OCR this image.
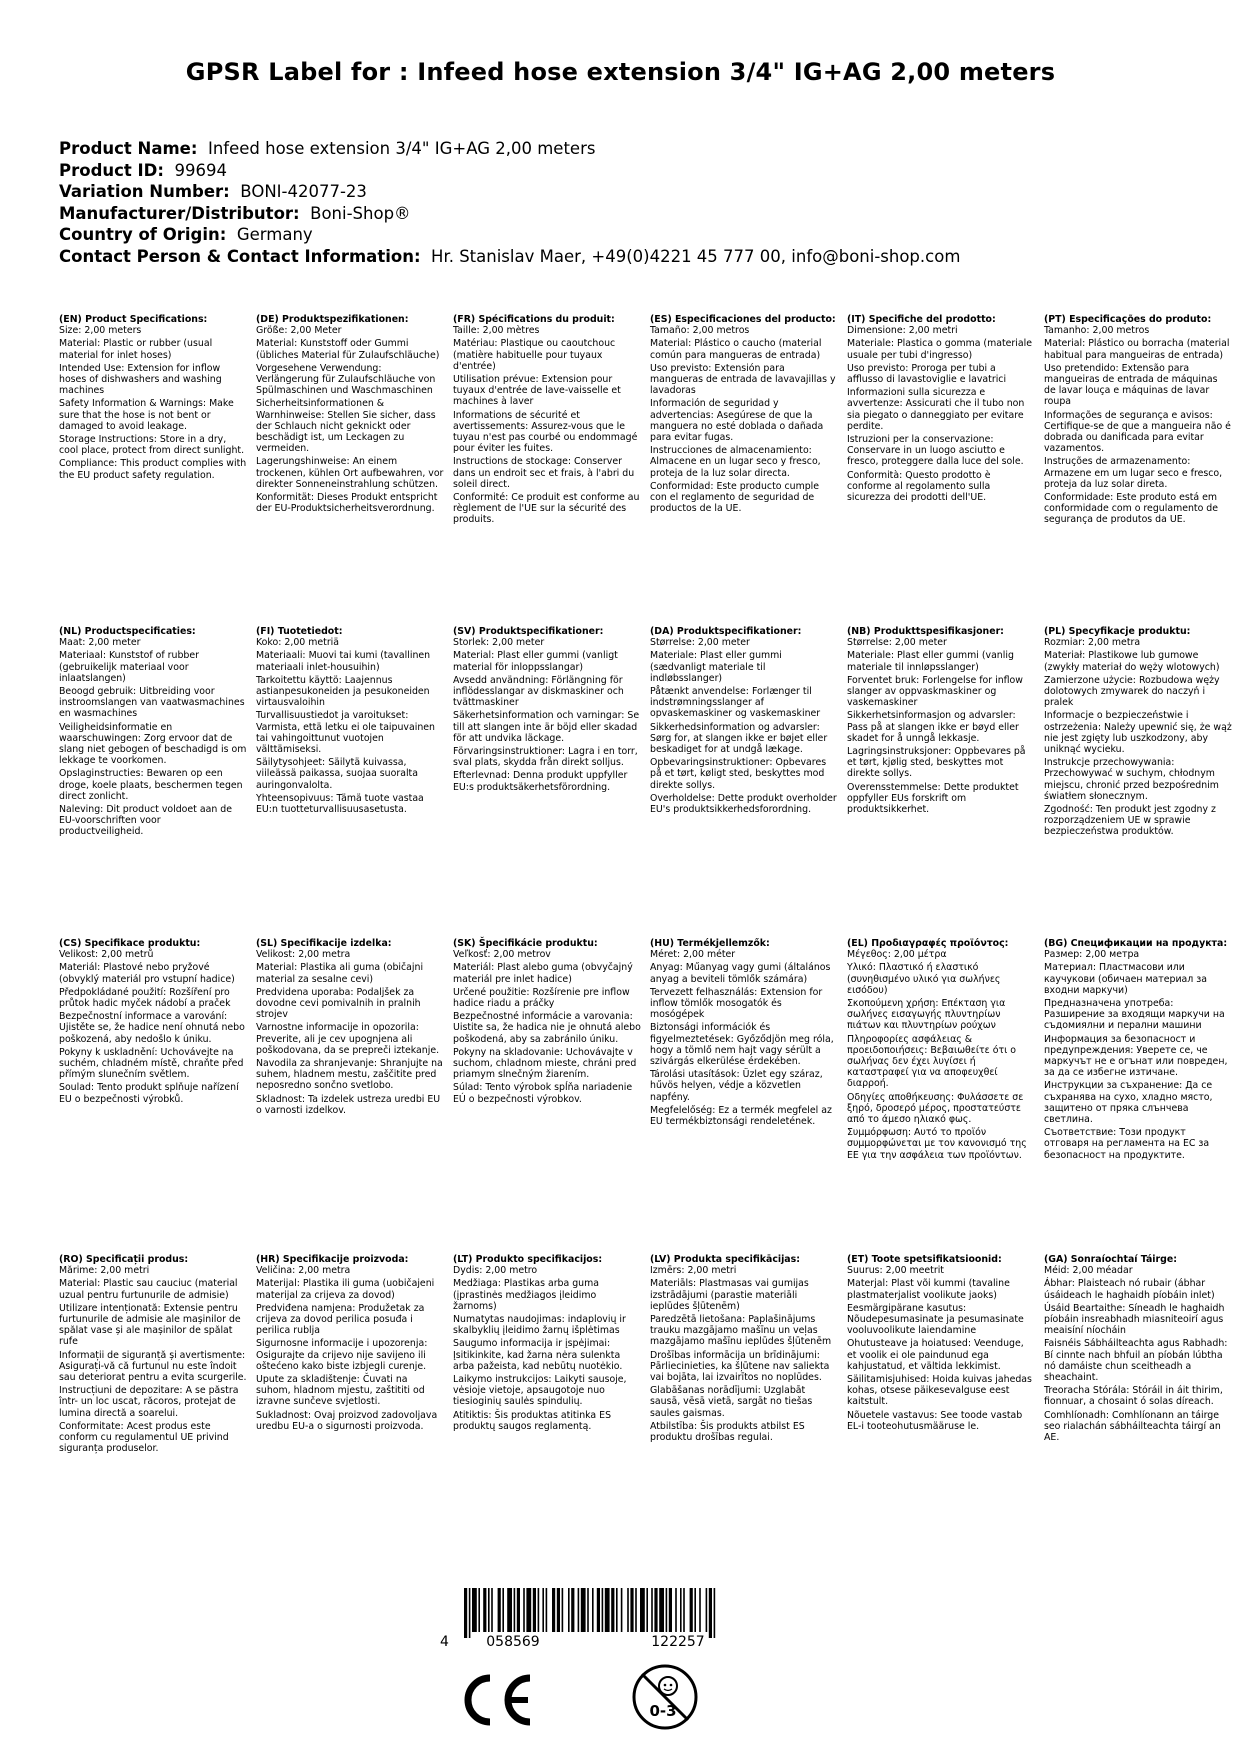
GPSR Label for : Infeed hose extension 3/4" IG+AG 2,00 meters
Product Name: Infeed hose extension 3/4" IG+AG 2,00 meters
Product ID: 99694
Variation Number: BONI-42077-23
Manufacturer/Distributor: Boni-Shop®
Country of Origin: Germany
Contact Person & Contact Information: Hr. Stanislav Maer, +49(0)4221 45 777 00, info@boni-shop.com
(EN) Product Specifications:

Size: 2,00 meters

Material: Plastic or rubber (usual material for inlet hoses)

Intended Use: Extension for inflow hoses of dishwashers and washing machines

Safety Information & Warnings: Make sure that the hose is not bent or damaged to avoid leakage.

Storage Instructions: Store in a dry, cool place, protect from direct sunlight.

Compliance: This product complies with the EU product safety regulation.

(DE) Produktspezifikationen:

Größe: 2,00 Meter

Material: Kunststoff oder Gummi (übliches Material für Zulaufschläuche)

Vorgesehene Verwendung: Verlängerung für Zulaufschläuche von Spülmaschinen und Waschmaschinen

Sicherheitsinformationen & Warnhinweise: Stellen Sie sicher, dass der Schlauch nicht geknickt oder beschädigt ist, um Leckagen zu vermeiden.

Lagerungshinweise: An einem trockenen, kühlen Ort aufbewahren, vor direkter Sonneneinstrahlung schützen.

Konformität: Dieses Produkt entspricht der EU-Produktsicherheitsverordnung.

(FR) Spécifications du produit:

Taille: 2,00 mètres

Matériau: Plastique ou caoutchouc (matière habituelle pour tuyaux d'entrée)

Utilisation prévue: Extension pour tuyaux d'entrée de lave-vaisselle et machines à laver

Informations de sécurité et avertissements: Assurez-vous que le tuyau n'est pas courbé ou endommagé pour éviter les fuites.

Instructions de stockage: Conserver dans un endroit sec et frais, à l'abri du soleil direct.

Conformité: Ce produit est conforme au règlement de l'UE sur la sécurité des produits.

(ES) Especificaciones del producto:

Tamaño: 2,00 metros

Material: Plástico o caucho (material común para mangueras de entrada)

Uso previsto: Extensión para mangueras de entrada de lavavajillas y lavadoras

Información de seguridad y advertencias: Asegúrese de que la manguera no esté doblada o dañada para evitar fugas.

Instrucciones de almacenamiento: Almacene en un lugar seco y fresco, proteja de la luz solar directa.

Conformidad: Este producto cumple con el reglamento de seguridad de productos de la UE.

(IT) Specifiche del prodotto:

Dimensione: 2,00 metri

Materiale: Plastica o gomma (materiale usuale per tubi d'ingresso)

Uso previsto: Proroga per tubi a afflusso di lavastoviglie e lavatrici

Informazioni sulla sicurezza e avvertenze: Assicurati che il tubo non sia piegato o danneggiato per evitare perdite.

Istruzioni per la conservazione: Conservare in un luogo asciutto e fresco, proteggere dalla luce del sole.

Conformità: Questo prodotto è conforme al regolamento sulla sicurezza dei prodotti dell'UE.

(PT) Especificações do produto:

Tamanho: 2,00 metros

Material: Plástico ou borracha (material habitual para mangueiras de entrada)

Uso pretendido: Extensão para mangueiras de entrada de máquinas de lavar louça e máquinas de lavar roupa

Informações de segurança e avisos: Certifique-se de que a mangueira não é dobrada ou danificada para evitar vazamentos.

Instruções de armazenamento: Armazene em um lugar seco e fresco, proteja da luz solar direta.

Conformidade: Este produto está em conformidade com o regulamento de segurança de produtos da UE.

(NL) Productspecificaties:

Maat: 2,00 meter

Materiaal: Kunststof of rubber (gebruikelijk materiaal voor inlaatslangen)

Beoogd gebruik: Uitbreiding voor instroomslangen van vaatwasmachines en wasmachines

Veiligheidsinformatie en waarschuwingen: Zorg ervoor dat de slang niet gebogen of beschadigd is om lekkage te voorkomen.

Opslaginstructies: Bewaren op een droge, koele plaats, beschermen tegen direct zonlicht.

Naleving: Dit product voldoet aan de EU-voorschriften voor productveiligheid.

(FI) Tuotetiedot:

Koko: 2,00 metriä

Materiaali: Muovi tai kumi (tavallinen materiaali inlet-housuihin)

Tarkoitettu käyttö: Laajennus astianpesukoneiden ja pesukoneiden virtausvaloihin

Turvallisuustiedot ja varoitukset: Varmista, että letku ei ole taipuvainen tai vahingoittunut vuotojen välttämiseksi.

Säilytysohjeet: Säilytä kuivassa, viileässä paikassa, suojaa suoralta auringonvalolta.

Yhteensopivuus: Tämä tuote vastaa EU:n tuotteturvallisuusasetusta.

(SV) Produktspecifikationer:

Storlek: 2,00 meter

Material: Plast eller gummi (vanligt material för inloppsslangar)

Avsedd användning: Förlängning för inflödesslangar av diskmaskiner och tvättmaskiner

Säkerhetsinformation och varningar: Se till att slangen inte är böjd eller skadad för att undvika läckage.

Förvaringsinstruktioner: Lagra i en torr, sval plats, skydda från direkt solljus.

Efterlevnad: Denna produkt uppfyller EU:s produktsäkerhetsförordning.

(DA) Produktspecifikationer:

Størrelse: 2,00 meter

Materiale: Plast eller gummi (sædvanligt materiale til indløbsslanger)

Påtænkt anvendelse: Forlænger til indstrømningsslanger af opvaskemaskiner og vaskemaskiner

Sikkerhedsinformation og advarsler: Sørg for, at slangen ikke er bøjet eller beskadiget for at undgå lækage.

Opbevaringsinstruktioner: Opbevares på et tørt, køligt sted, beskyttes mod direkte sollys.

Overholdelse: Dette produkt overholder EU's produktsikkerhedsforordning.

(NB) Produkttspesifikasjoner:

Størrelse: 2,00 meter

Materiale: Plast eller gummi (vanlig materiale til innløpsslanger)

Forventet bruk: Forlengelse for inflow slanger av oppvaskmaskiner og vaskemaskiner

Sikkerhetsinformasjon og advarsler: Pass på at slangen ikke er bøyd eller skadet for å unngå lekkasje.

Lagringsinstruksjoner: Oppbevares på et tørt, kjølig sted, beskyttes mot direkte sollys.

Overensstemmelse: Dette produktet oppfyller EUs forskrift om produktsikkerhet.

(PL) Specyfikacje produktu:

Rozmiar: 2,00 metra

Materiał: Plastikowe lub gumowe (zwykły materiał do węży wlotowych)

Zamierzone użycie: Rozbudowa węży dolotowych zmywarek do naczyń i pralek

Informacje o bezpieczeństwie i ostrzeżenia: Należy upewnić się, że wąż nie jest zgięty lub uszkodzony, aby uniknąć wycieku.

Instrukcje przechowywania: Przechowywać w suchym, chłodnym miejscu, chronić przed bezpośrednim światłem słonecznym.

Zgodność: Ten produkt jest zgodny z rozporządzeniem UE w sprawie bezpieczeństwa produktów.

(CS) Specifikace produktu:

Velikost: 2,00 metrů

Materiál: Plastové nebo pryžové (obvyklý materiál pro vstupní hadice)

Předpokládané použití: Rozšíření pro průtok hadic myček nádobí a praček

Bezpečnostní informace a varování: Ujistěte se, že hadice není ohnutá nebo poškozená, aby nedošlo k úniku.

Pokyny k uskladnění: Uchovávejte na suchém, chladném místě, chraňte před přímým slunečním světlem.

Soulad: Tento produkt splňuje nařízení EU o bezpečnosti výrobků.

(SL) Specifikacije izdelka:

Velikost: 2,00 metra

Material: Plastika ali guma (običajni material za sesalne cevi)

Predvidena uporaba: Podaljšek za dovodne cevi pomivalnih in pralnih strojev

Varnostne informacije in opozorila: Preverite, ali je cev upognjena ali poškodovana, da se prepreči iztekanje.

Navodila za shranjevanje: Shranjujte na suhem, hladnem mestu, zaščitite pred neposredno sončno svetlobo.

Skladnost: Ta izdelek ustreza uredbi EU o varnosti izdelkov.

(SK) Špecifikácie produktu:

Veľkosť: 2,00 metrov

Materiál: Plast alebo guma (obvyčajný materiál pre inlet hadice)

Určené použitie: Rozšírenie pre inflow hadice riadu a práčky

Bezpečnostné informácie a varovania: Uistite sa, že hadica nie je ohnutá alebo poškodená, aby sa zabránilo úniku.

Pokyny na skladovanie: Uchovávajte v suchom, chladnom mieste, chráni pred priamym slnečným žiarením.

Súlad: Tento výrobok spĺňa nariadenie EÚ o bezpečnosti výrobkov.

(HU) Termékjellemzők:

Méret: 2,00 méter

Anyag: Műanyag vagy gumi (általános anyag a beviteli tömlők számára)

Tervezett felhasználás: Extension for inflow tömlők mosogatók és mosógépek

Biztonsági információk és figyelmeztetések: Győződjön meg róla, hogy a tömlő nem hajt vagy sérült a szivárgás elkerülése érdekében.

Tárolási utasítások: Üzlet egy száraz, hűvös helyen, védje a közvetlen napfény.

Megfelelőség: Ez a termék megfelel az EU termékbiztonsági rendeletének.

(EL) Προδιαγραφές προϊόντος:

Μέγεθος: 2,00 μέτρα

Υλικό: Πλαστικό ή ελαστικό (συνηθισμένο υλικό για σωλήνες εισόδου)

Σκοπούμενη χρήση: Επέκταση για σωλήνες εισαγωγής πλυντηρίων πιάτων και πλυντηρίων ρούχων

Πληροφορίες ασφάλειας & προειδοποιήσεις: Βεβαιωθείτε ότι ο σωλήνας δεν έχει λυγίσει ή καταστραφεί για να αποφευχθεί διαρροή.

Οδηγίες αποθήκευσης: Φυλάσσετε σε ξηρό, δροσερό μέρος, προστατεύστε από το άμεσο ηλιακό φως.

Συμμόρφωση: Αυτό το προϊόν συμμορφώνεται με τον κανονισμό της ΕΕ για την ασφάλεια των προϊόντων.

(BG) Спецификации на продукта:

Размер: 2,00 метра

Материал: Пластмасови или каучукови (обичаен материал за входни маркучи)

Предназначена употреба: Разширение за входящи маркучи на съдомиялни и перални машини

Информация за безопасност и предупреждения: Уверете се, че маркучът не е огънат или повреден, за да се избегне изтичане.

Инструкции за съхранение: Да се съхранява на сухо, хладно място, защитено от пряка слънчева светлина.

Съответствие: Този продукт отговаря на регламента на ЕС за безопасност на продуктите.

(RO) Specificații produs:

Mărime: 2,00 metri

Material: Plastic sau cauciuc (material uzual pentru furtunurile de admisie)

Utilizare intenționată: Extensie pentru furtunurile de admisie ale mașinilor de spălat vase și ale mașinilor de spălat rufe

Informații de siguranță și avertismente: Asigurați-vă că furtunul nu este îndoit sau deteriorat pentru a evita scurgerile.

Instrucțiuni de depozitare: A se păstra într- un loc uscat, răcoros, protejat de lumina directă a soarelui.

Conformitate: Acest produs este conform cu regulamentul UE privind siguranța produselor.

(HR) Specifikacije proizvoda:

Veličina: 2,00 metra

Materijal: Plastika ili guma (uobičajeni materijal za crijeva za dovod)

Predviđena namjena: Produžetak za crijeva za dovod perilica posuđa i perilica rublja

Sigurnosne informacije i upozorenja: Osigurajte da crijevo nije savijeno ili oštećeno kako biste izbjegli curenje.

Upute za skladištenje: Čuvati na suhom, hladnom mjestu, zaštititi od izravne sunčeve svjetlosti.

Sukladnost: Ovaj proizvod zadovoljava uredbu EU-a o sigurnosti proizvoda.

(LT) Produkto specifikacijos:

Dydis: 2,00 metro

Medžiaga: Plastikas arba guma (įprastinės medžiagos įleidimo žarnoms)

Numatytas naudojimas: indaplovių ir skalbyklių įleidimo žarnų išplėtimas

Saugumo informacija ir įspėjimai: Įsitikinkite, kad žarna nėra sulenkta arba pažeista, kad nebūtų nuotėkio.

Laikymo instrukcijos: Laikyti sausoje, vėsioje vietoje, apsaugotoje nuo tiesioginių saulės spindulių.

Atitiktis: Šis produktas atitinka ES produktų saugos reglamentą.

(LV) Produkta specifikācijas:

Izmērs: 2,00 metri

Materiāls: Plastmasas vai gumijas izstrādājumi (parastie materiāli ieplūdes šļūtenēm)

Paredzētā lietošana: Paplašinājums trauku mazgājamo mašīnu un veļas mazgājamo mašīnu ieplūdes šļūtenēm

Drošības informācija un brīdinājumi: Pārliecinieties, ka šļūtene nav saliekta vai bojāta, lai izvairītos no noplūdes.

Glabāšanas norādījumi: Uzglabāt sausā, vēsā vietā, sargāt no tiešas saules gaismas.

Atbilstība: Šis produkts atbilst ES produktu drošības regulai.

(ET) Toote spetsifikatsioonid:

Suurus: 2,00 meetrit

Materjal: Plast või kummi (tavaline plastmaterjalist voolikute jaoks)

Eesmärgipärane kasutus: Nõudepesumasinate ja pesumasinate vooluvoolikute laiendamine

Ohutusteave ja hoiatused: Veenduge, et voolik ei ole paindunud ega kahjustatud, et vältida lekkimist.

Säilitamisjuhised: Hoida kuivas jahedas kohas, otsese päikesevalguse eest kaitstult.

Nõuetele vastavus: See toode vastab EL-i tooteohutusmääruse le.

(GA) Sonraíochtaí Táirge:

Méid: 2,00 méadar

Ábhar: Plaisteach nó rubair (ábhar úsáideach le haghaidh píobáin inlet)

Úsáid Beartaithe: Síneadh le haghaidh píobáin insreabhadh miasniteoirí agus meaisíní níocháin

Faisnéis Sábháilteachta agus Rabhadh: Bí cinnte nach bhfuil an píobán lúbtha nó damáiste chun sceitheadh a sheachaint.

Treoracha Stórála: Stóráil in áit thirim, fionnuar, a chosaint ó solas díreach.

Comhlíonadh: Comhlíonann an táirge seo rialachán sábháilteachta táirgí an AE.

4	058569	122257
0-3
